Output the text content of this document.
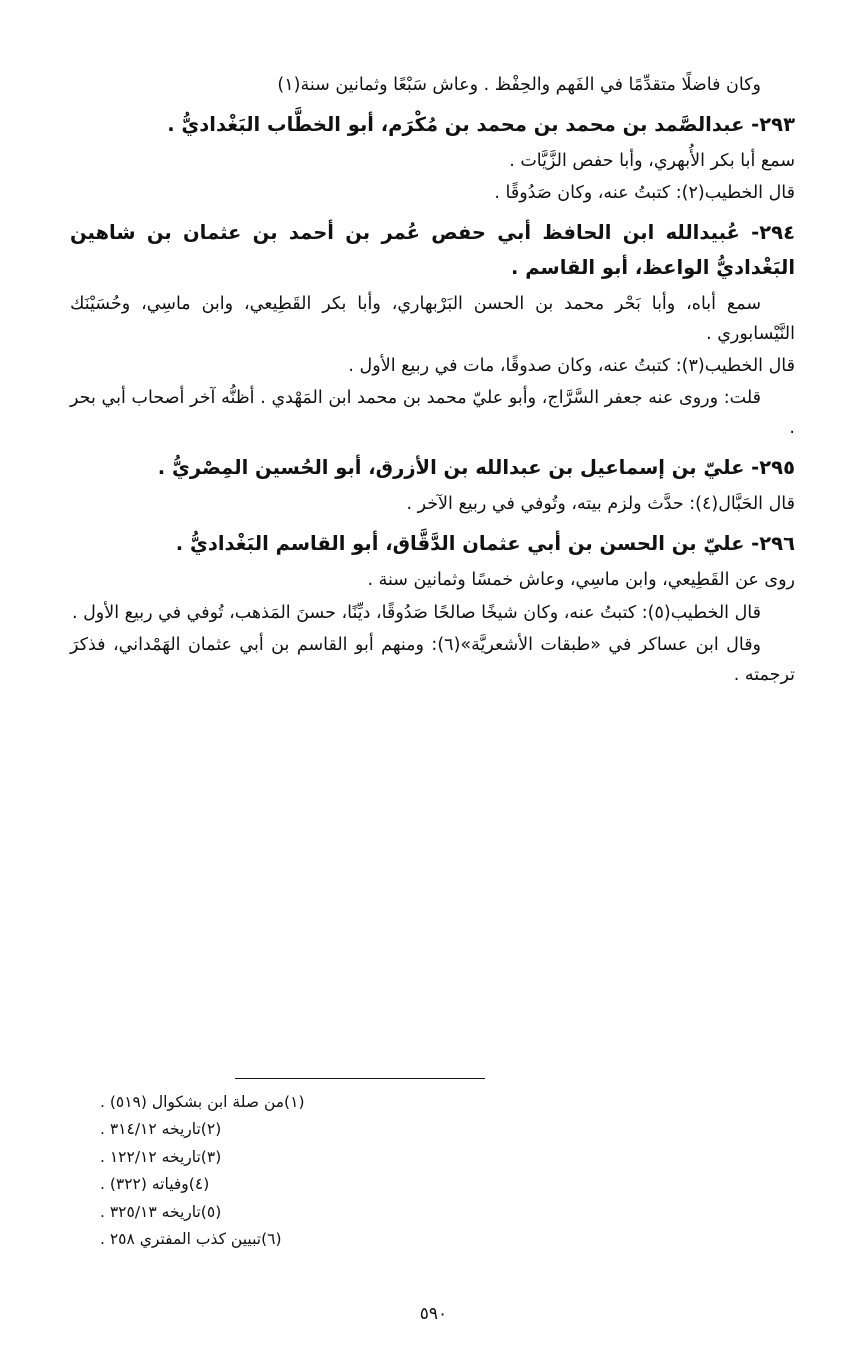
وكان فاضلًا متقدِّمًا في الفَهم والحِفْظ . وعاش سَبْعًا وثمانين سنة(١)

٢٩٣- عبدالصَّمد بن محمد بن محمد بن مُكْرَم، أبو الخطَّاب البَغْداديُّ .

سمع أبا بكر الأُبهري، وأبا حفص الزَّيَّات .

قال الخطيب(٢): كتبتُ عنه، وكان صَدُوقًا .

٢٩٤- عُبيدالله ابن الحافظ أبي حفص عُمر بن أحمد بن عثمان بن شاهين البَغْداديُّ الواعظ، أبو القاسم .

سمع أباه، وأبا بَحْر محمد بن الحسن البَرْبهاري، وأبا بكر القَطِيعي، وابن ماسِي، وحُسَيْنَك النَّيْسابوري .

قال الخطيب(٣): كتبتُ عنه، وكان صدوقًا، مات في ربيع الأول .

قلت: وروى عنه جعفر السَّرَّاج، وأبو عليّ محمد بن محمد ابن المَهْدي . أظنُّه آخر أصحاب أبي بحر .

٢٩٥- عليّ بن إسماعيل بن عبدالله بن الأزرق، أبو الحُسين المِصْريُّ .

قال الحَبَّال(٤): حدَّث ولزم بيته، وتُوفي في ربيع الآخر .

٢٩٦- عليّ بن الحسن بن أبي عثمان الدَّقَّاق، أبو القاسم البَغْداديُّ .

روى عن القَطِيعي، وابن ماسِي، وعاش خمسًا وثمانين سنة .

قال الخطيب(٥): كتبتُ عنه، وكان شيخًا صالحًا صَدُوقًا، ديِّنًا، حسنَ المَذهب، تُوفي في ربيع الأول .

وقال ابن عساكر في «طبقات الأشعريَّة»(٦): ومنهم أبو القاسم بن أبي عثمان الهَمْداني، فذكرَ ترجمته .

(١)من صلة ابن بشكوال (٥١٩) .
(٢)تاريخه ٣١٤/١٢ .
(٣)تاريخه ١٢٢/١٢ .
(٤)وفياته (٣٢٢) .
(٥)تاريخه ٣٢٥/١٣ .
(٦)تبيين كذب المفتري ٢٥٨ .
٥٩٠
